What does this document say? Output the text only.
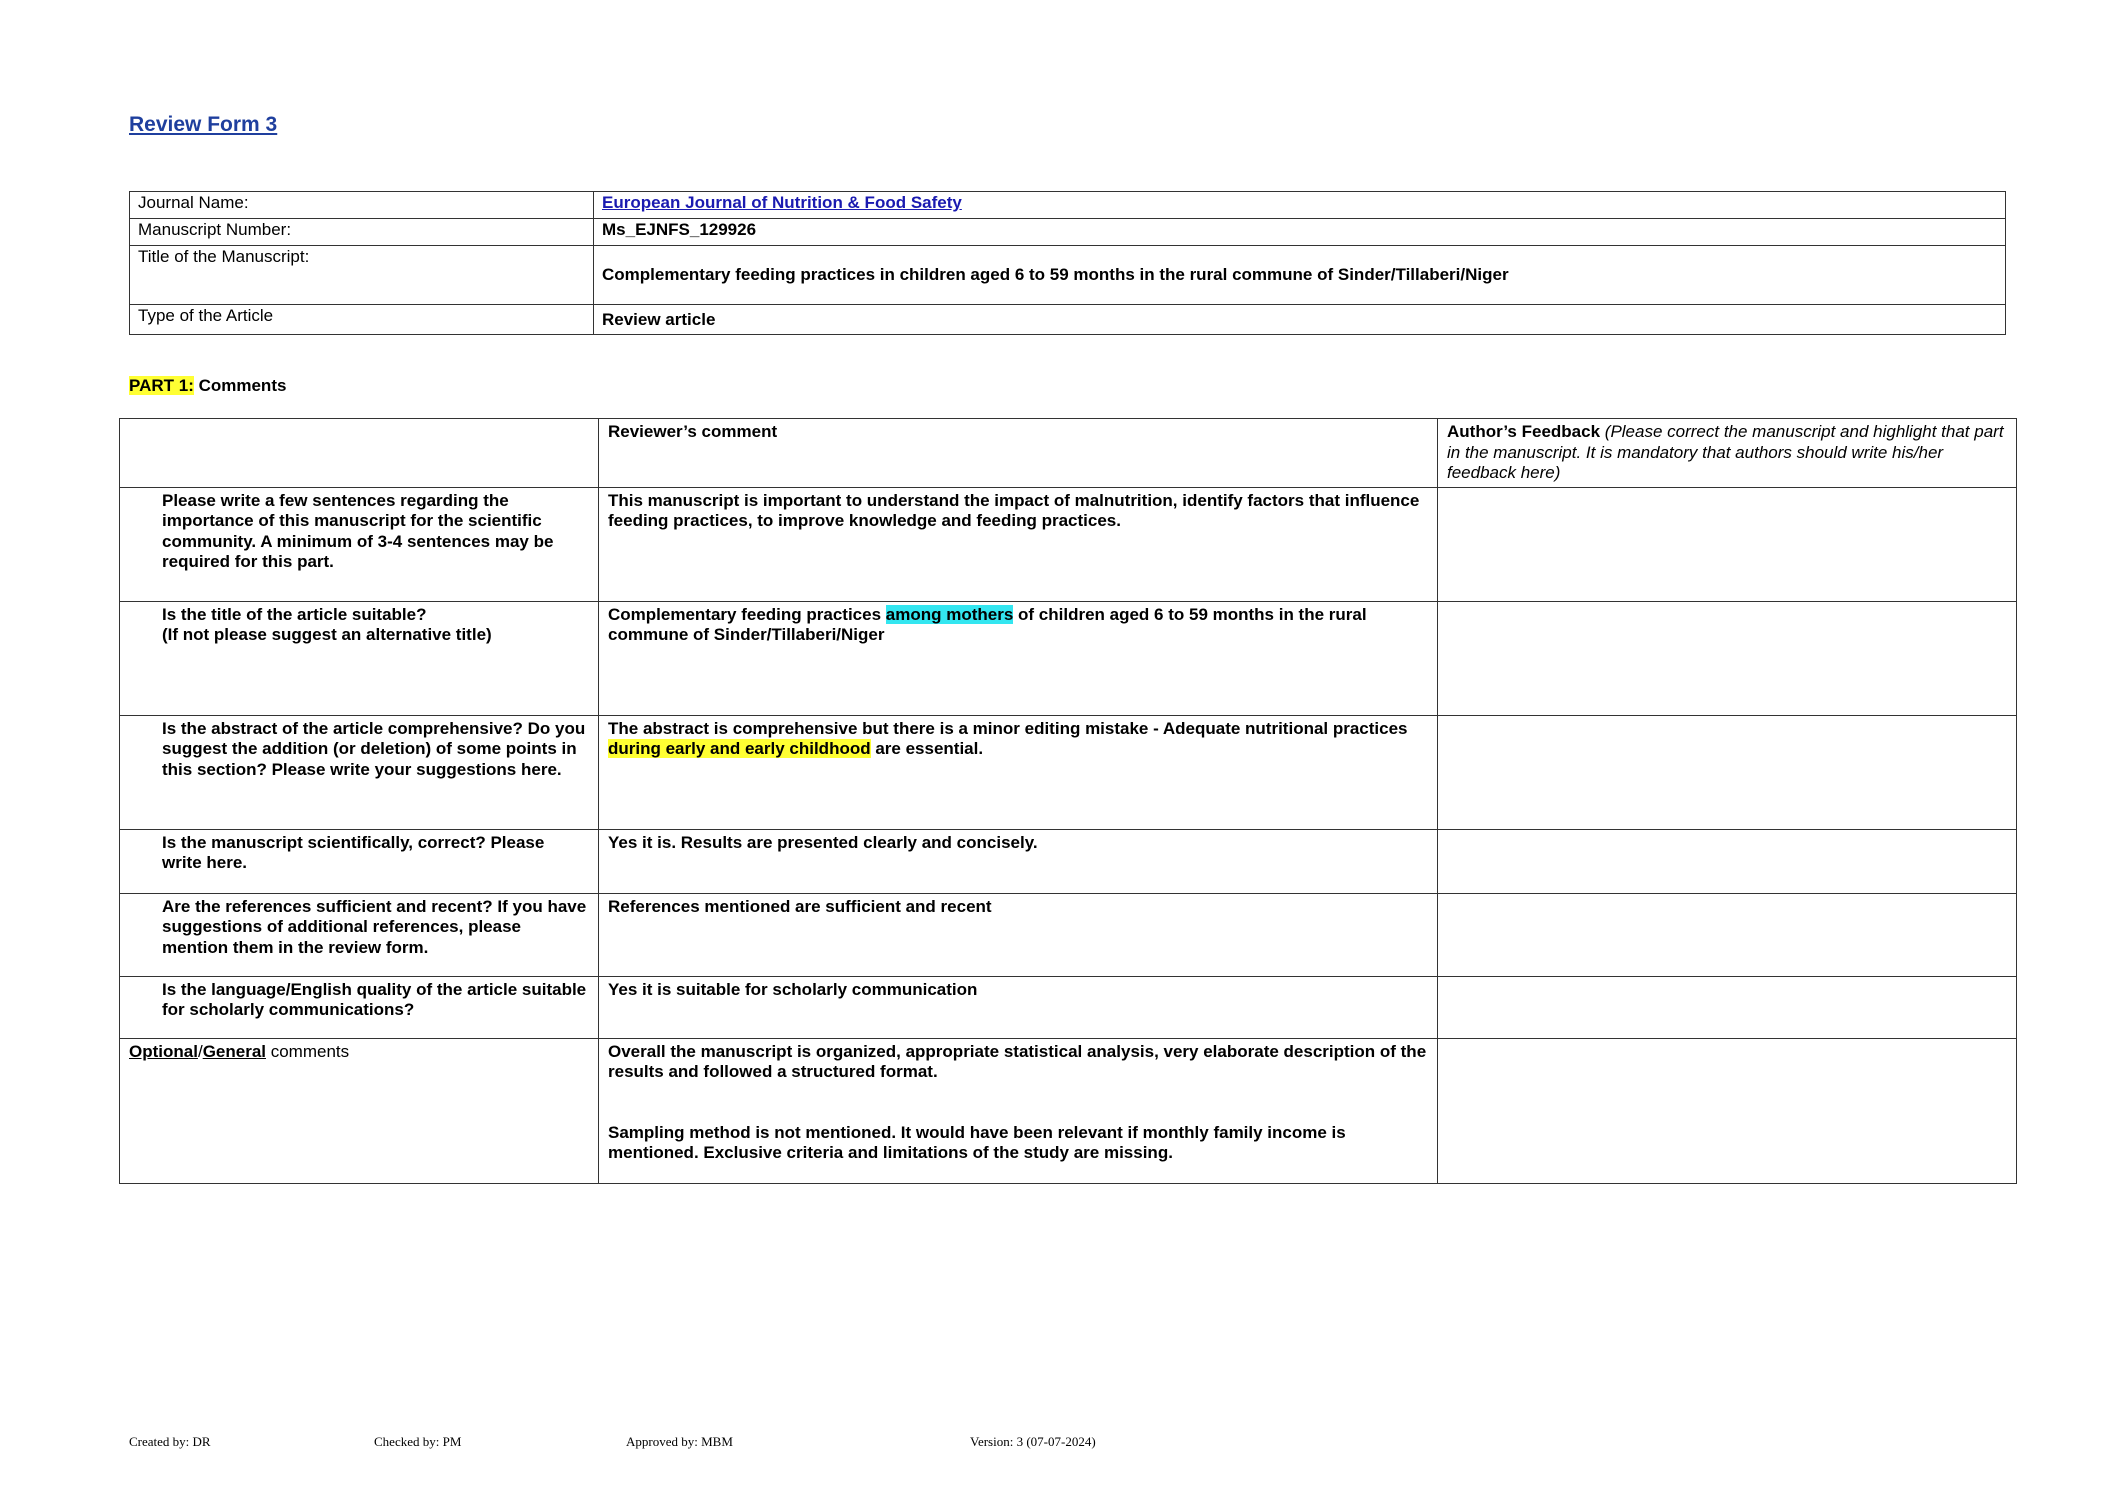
Review Form 3
Journal Name:	European Journal of Nutrition & Food Safety
Manuscript Number:	Ms_EJNFS_129926
Title of the Manuscript:	Complementary feeding practices in children aged 6 to 59 months in the rural commune of Sinder/Tillaberi/Niger
Type of the Article	Review article
PART 1: Comments
	Reviewer’s comment	Author’s Feedback (Please correct the manuscript and highlight that part in the manuscript. It is mandatory that authors should write his/her feedback here)
Please write a few sentences regarding the importance of this manuscript for the scientific community. A minimum of 3-4 sentences may be required for this part.	This manuscript is important to understand the impact of malnutrition, identify factors that influence feeding practices, to improve knowledge and feeding practices.	

Is the title of the article suitable?
(If not please suggest an alternative title)	Complementary feeding practices among mothers of children aged 6 to 59 months in the rural commune of Sinder/Tillaberi/Niger	
Is the abstract of the article comprehensive? Do you suggest the addition (or deletion) of some points in this section? Please write your suggestions here.	The abstract is comprehensive but there is a minor editing mistake - Adequate nutritional practices during early and early childhood are essential.	
Is the manuscript scientifically, correct? Please write here.	Yes it is. Results are presented clearly and concisely.	
Are the references sufficient and recent? If you have suggestions of additional references, please mention them in the review form.	References mentioned are sufficient and recent	
Is the language/English quality of the article suitable for scholarly communications?	Yes it is suitable for scholarly communication	
Optional/General comments	Overall the manuscript is organized, appropriate statistical analysis, very elaborate description of the results and followed a structured format.
Sampling method is not mentioned. It would have been relevant if monthly family income is mentioned. Exclusive criteria and limitations of the study are missing.	

Created by: DR	Checked by: PM	Approved by: MBM	Version: 3 (07-07-2024)
